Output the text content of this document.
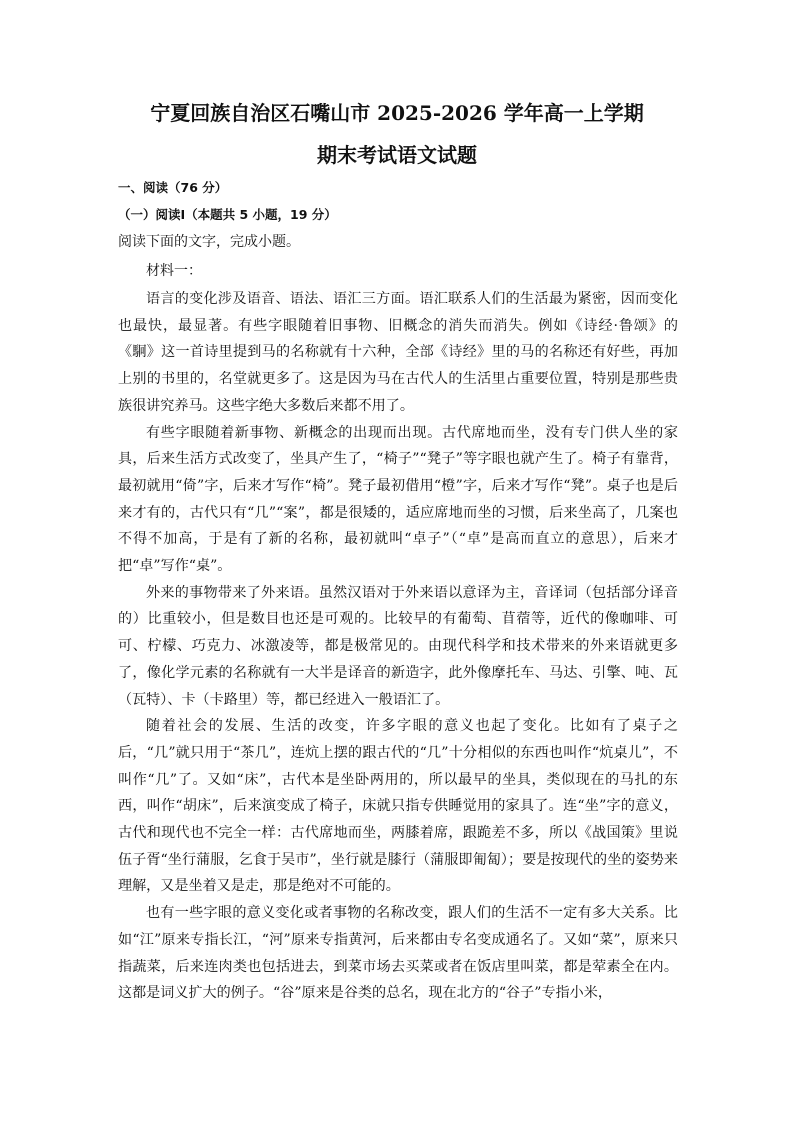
宁夏回族自治区石嘴山市 2025-2026 学年高一上学期
期末考试语文试题
一、阅读（76 分）
（一）阅读Ⅰ（本题共 5 小题，19 分）
阅读下面的文字，完成小题。
材料一：

语言的变化涉及语音、语法、语汇三方面。语汇联系人们的生活最为紧密，因而变化也最快，最显著。有些字眼随着旧事物、旧概念的消失而消失。例如《诗经·鲁颂》的《駉》这一首诗里提到马的名称就有十六种，全部《诗经》里的马的名称还有好些，再加上别的书里的，名堂就更多了。这是因为马在古代人的生活里占重要位置，特别是那些贵族很讲究养马。这些字绝大多数后来都不用了。

有些字眼随着新事物、新概念的出现而出现。古代席地而坐，没有专门供人坐的家具，后来生活方式改变了，坐具产生了，“椅子”“凳子”等字眼也就产生了。椅子有靠背，最初就用“倚”字，后来才写作“椅”。凳子最初借用“橙”字，后来才写作“凳”。桌子也是后来才有的，古代只有“几”“案”，都是很矮的，适应席地而坐的习惯，后来坐高了，几案也不得不加高，于是有了新的名称，最初就叫“卓子”（“卓”是高而直立的意思），后来才把“卓”写作“桌”。

外来的事物带来了外来语。虽然汉语对于外来语以意译为主，音译词（包括部分译音的）比重较小，但是数目也还是可观的。比较早的有葡萄、苜蓿等，近代的像咖啡、可可、柠檬、巧克力、冰激凌等，都是极常见的。由现代科学和技术带来的外来语就更多了，像化学元素的名称就有一大半是译音的新造字，此外像摩托车、马达、引擎、吨、瓦（瓦特）、卡（卡路里）等，都已经进入一般语汇了。

随着社会的发展、生活的改变，许多字眼的意义也起了变化。比如有了桌子之后，“几”就只用于“茶几”，连炕上摆的跟古代的“几”十分相似的东西也叫作“炕桌儿”，不叫作“几”了。又如“床”，古代本是坐卧两用的，所以最早的坐具，类似现在的马扎的东西，叫作“胡床”，后来演变成了椅子，床就只指专供睡觉用的家具了。连“坐”字的意义，古代和现代也不完全一样：古代席地而坐，两膝着席，跟跪差不多，所以《战国策》里说伍子胥“坐行蒲服，乞食于吴市”，坐行就是膝行（蒲服即匍匐）；要是按现代的坐的姿势来理解，又是坐着又是走，那是绝对不可能的。

也有一些字眼的意义变化或者事物的名称改变，跟人们的生活不一定有多大关系。比如“江”原来专指长江，“河”原来专指黄河，后来都由专名变成通名了。又如“菜”，原来只指蔬菜，后来连肉类也包括进去，到菜市场去买菜或者在饭店里叫菜，都是荤素全在内。这都是词义扩大的例子。“谷”原来是谷类的总名，现在北方的“谷子”专指小米，
